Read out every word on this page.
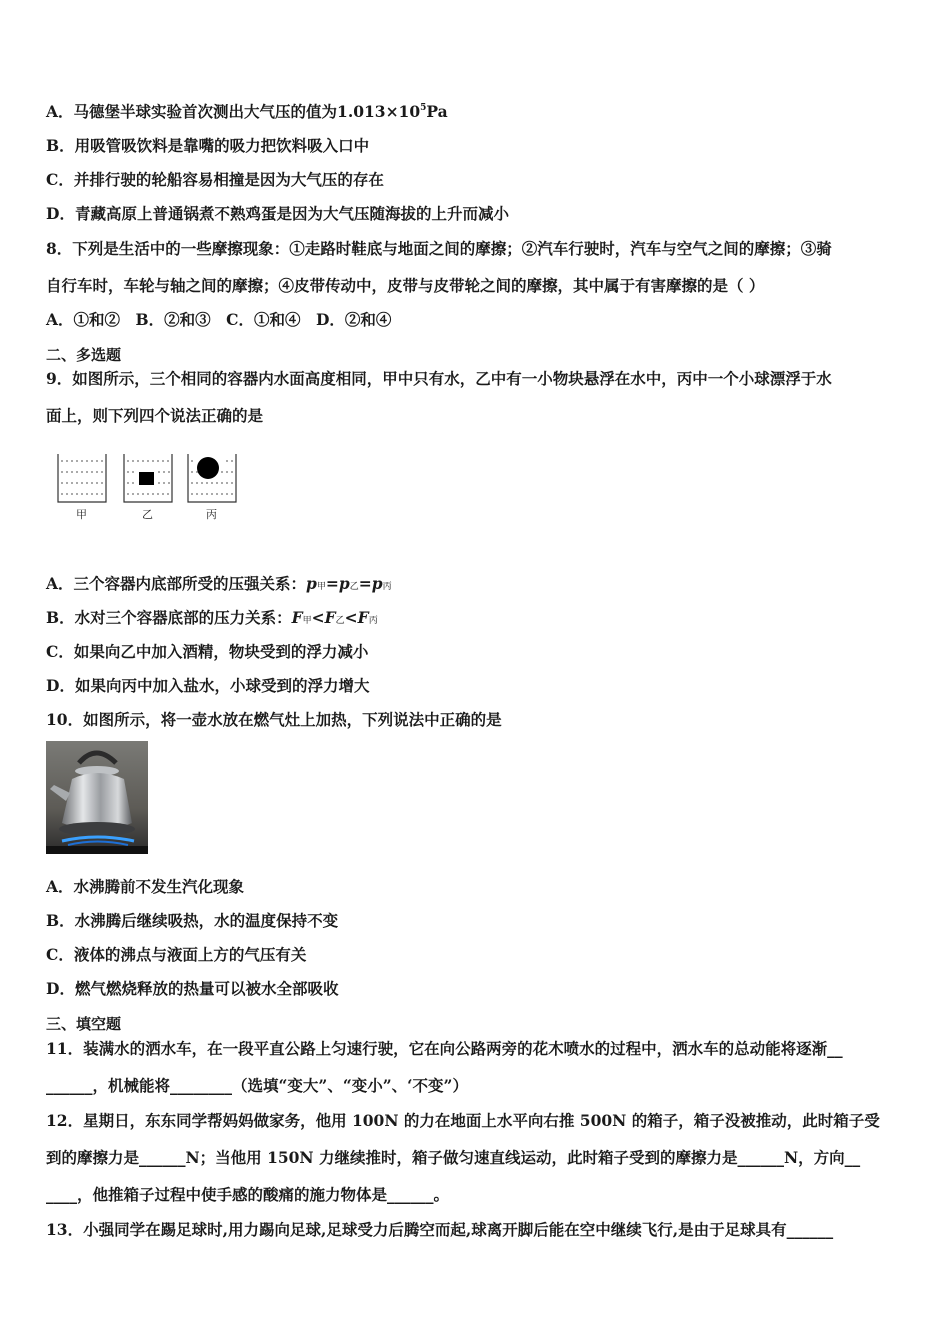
A．马德堡半球实验首次测出大气压的值为$1.013\times 10^5Pa$
B．用吸管吸饮料是靠嘴的吸力把饮料吸入口中
C．并排行驶的轮船容易相撞是因为大气压的存在
D．青藏高原上普通锅煮不熟鸡蛋是因为大气压随海拔的上升而减小
8．下列是生活中的一些摩擦现象：①走路时鞋底与地面之间的摩擦；②汽车行驶时，汽车与空气之间的摩擦；③骑
自行车时，车轮与轴之间的摩擦；④皮带传动中，皮带与皮带轮之间的摩擦，其中属于有害摩擦的是（ ）
A．①和②　B．②和③　C．①和④　D．②和④
二、多选题
9．如图所示，三个相同的容器内水面高度相同，甲中只有水，乙中有一小物块悬浮在水中，丙中一个小球漂浮于水
面上，则下列四个说法正确的是
甲	乙	丙
A．三个容器内底部所受的压强关系：p甲=p乙=p丙
B．水对三个容器底部的压力关系：F甲<F乙<F丙
C．如果向乙中加入酒精，物块受到的浮力减小
D．如果向丙中加入盐水，小球受到的浮力增大
10．如图所示，将一壶水放在燃气灶上加热，下列说法中正确的是
A．水沸腾前不发生汽化现象
B．水沸腾后继续吸热，水的温度保持不变
C．液体的沸点与液面上方的气压有关
D．燃气燃烧释放的热量可以被水全部吸收
三、填空题
11．装满水的洒水车，在一段平直公路上匀速行驶，它在向公路两旁的花木喷水的过程中，洒水车的总动能将逐渐__
______，机械能将________（选填“变大”、“变小”、‘不变”）
12．星期日，东东同学帮妈妈做家务，他用 100N 的力在地面上水平向右推 500N 的箱子，箱子没被推动，此时箱子受
到的摩擦力是______N；当他用 150N 力继续推时，箱子做匀速直线运动，此时箱子受到的摩擦力是______N，方向__
____，他推箱子过程中使手感的酸痛的施力物体是______。
13．小强同学在踢足球时,用力踢向足球,足球受力后腾空而起,球离开脚后能在空中继续飞行,是由于足球具有______
